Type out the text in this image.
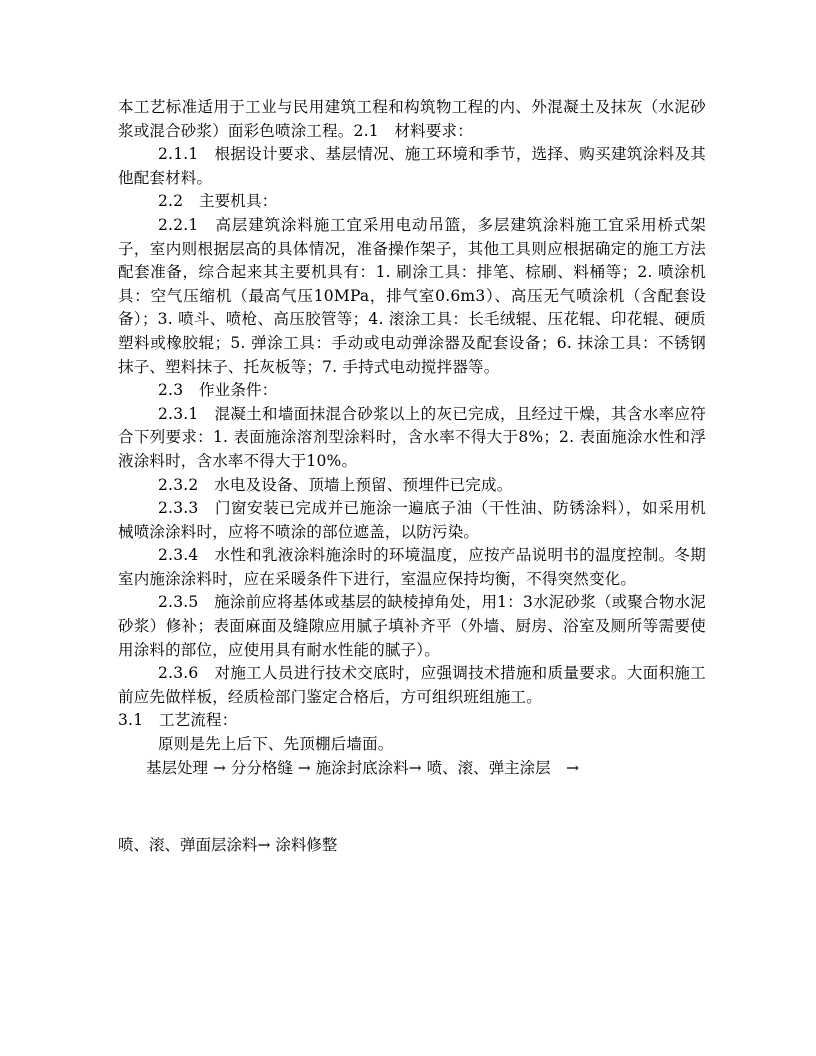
本工艺标准适用于工业与民用建筑工程和构筑物工程的内、外混凝土及抹灰（水泥砂浆或混合砂浆）面彩色喷涂工程。2.1　材料要求：

2.1.1　根据设计要求、基层情况、施工环境和季节，选择、购买建筑涂料及其他配套材料。

2.2　主要机具：

2.2.1　高层建筑涂料施工宜采用电动吊篮，多层建筑涂料施工宜采用桥式架子，室内则根据层高的具体情况，准备操作架子，其他工具则应根据确定的施工方法配套准备，综合起来其主要机具有：1. 刷涂工具：排笔、棕刷、料桶等；2. 喷涂机具：空气压缩机（最高气压10MPa，排气室0.6m3）、高压无气喷涂机（含配套设备）；3. 喷斗、喷枪、高压胶管等；4. 滚涂工具：长毛绒辊、压花辊、印花辊、硬质塑料或橡胶辊；5. 弹涂工具：手动或电动弹涂器及配套设备；6. 抹涂工具：不锈钢抹子、塑料抹子、托灰板等；7. 手持式电动搅拌器等。

2.3　作业条件：

2.3.1　混凝土和墙面抹混合砂浆以上的灰已完成，且经过干燥，其含水率应符合下列要求：1. 表面施涂溶剂型涂料时，含水率不得大于8%；2. 表面施涂水性和浮液涂料时，含水率不得大于10%。

2.3.2　水电及设备、顶墙上预留、预埋件已完成。

2.3.3　门窗安装已完成并已施涂一遍底子油（干性油、防锈涂料），如采用机械喷涂涂料时，应将不喷涂的部位遮盖，以防污染。

2.3.4　水性和乳液涂料施涂时的环境温度，应按产品说明书的温度控制。冬期室内施涂涂料时，应在采暖条件下进行，室温应保持均衡，不得突然变化。

2.3.5　施涂前应将基体或基层的缺棱掉角处，用1：3水泥砂浆（或聚合物水泥砂浆）修补；表面麻面及缝隙应用腻子填补齐平（外墙、厨房、浴室及厕所等需要使用涂料的部位，应使用具有耐水性能的腻子）。

2.3.6　对施工人员进行技术交底时，应强调技术措施和质量要求。大面积施工前应先做样板，经质检部门鉴定合格后，方可组织班组施工。

3.1　工艺流程：

原则是先上后下、先顶棚后墙面。

基层处理 → 分分格缝 → 施涂封底涂料→ 喷、滚、弹主涂层　→

喷、滚、弹面层涂料→ 涂料修整
